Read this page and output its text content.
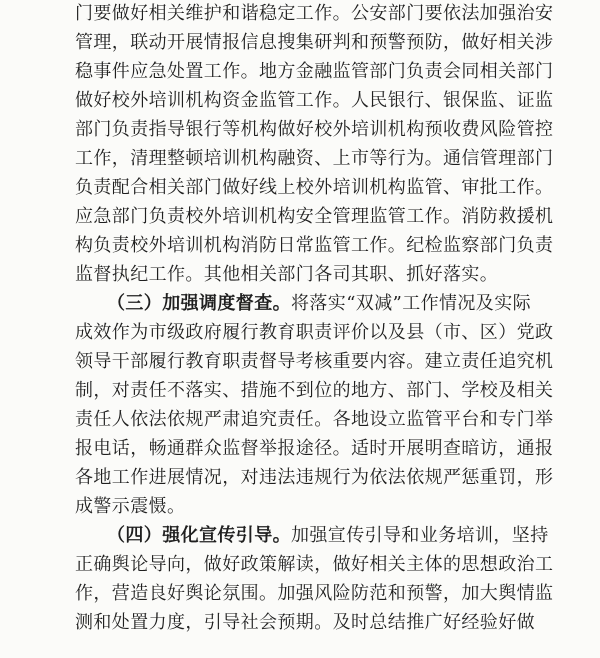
门要做好相关维护和谐稳定工作。公安部门要依法加强治安
管理，联动开展情报信息搜集研判和预警预防，做好相关涉
稳事件应急处置工作。地方金融监管部门负责会同相关部门
做好校外培训机构资金监管工作。人民银行、银保监、证监
部门负责指导银行等机构做好校外培训机构预收费风险管控
工作，清理整顿培训机构融资、上市等行为。通信管理部门
负责配合相关部门做好线上校外培训机构监管、审批工作。
应急部门负责校外培训机构安全管理监管工作。消防救援机
构负责校外培训机构消防日常监管工作。纪检监察部门负责
监督执纪工作。其他相关部门各司其职、抓好落实。
（三）加强调度督查。将落实“双减”工作情况及实际
成效作为市级政府履行教育职责评价以及县（市、区）党政
领导干部履行教育职责督导考核重要内容。建立责任追究机
制，对责任不落实、措施不到位的地方、部门、学校及相关
责任人依法依规严肃追究责任。各地设立监管平台和专门举
报电话，畅通群众监督举报途径。适时开展明查暗访，通报
各地工作进展情况，对违法违规行为依法依规严惩重罚，形
成警示震慑。
（四）强化宣传引导。加强宣传引导和业务培训，坚持
正确舆论导向，做好政策解读，做好相关主体的思想政治工
作，营造良好舆论氛围。加强风险防范和预警，加大舆情监
测和处置力度，引导社会预期。及时总结推广好经验好做
